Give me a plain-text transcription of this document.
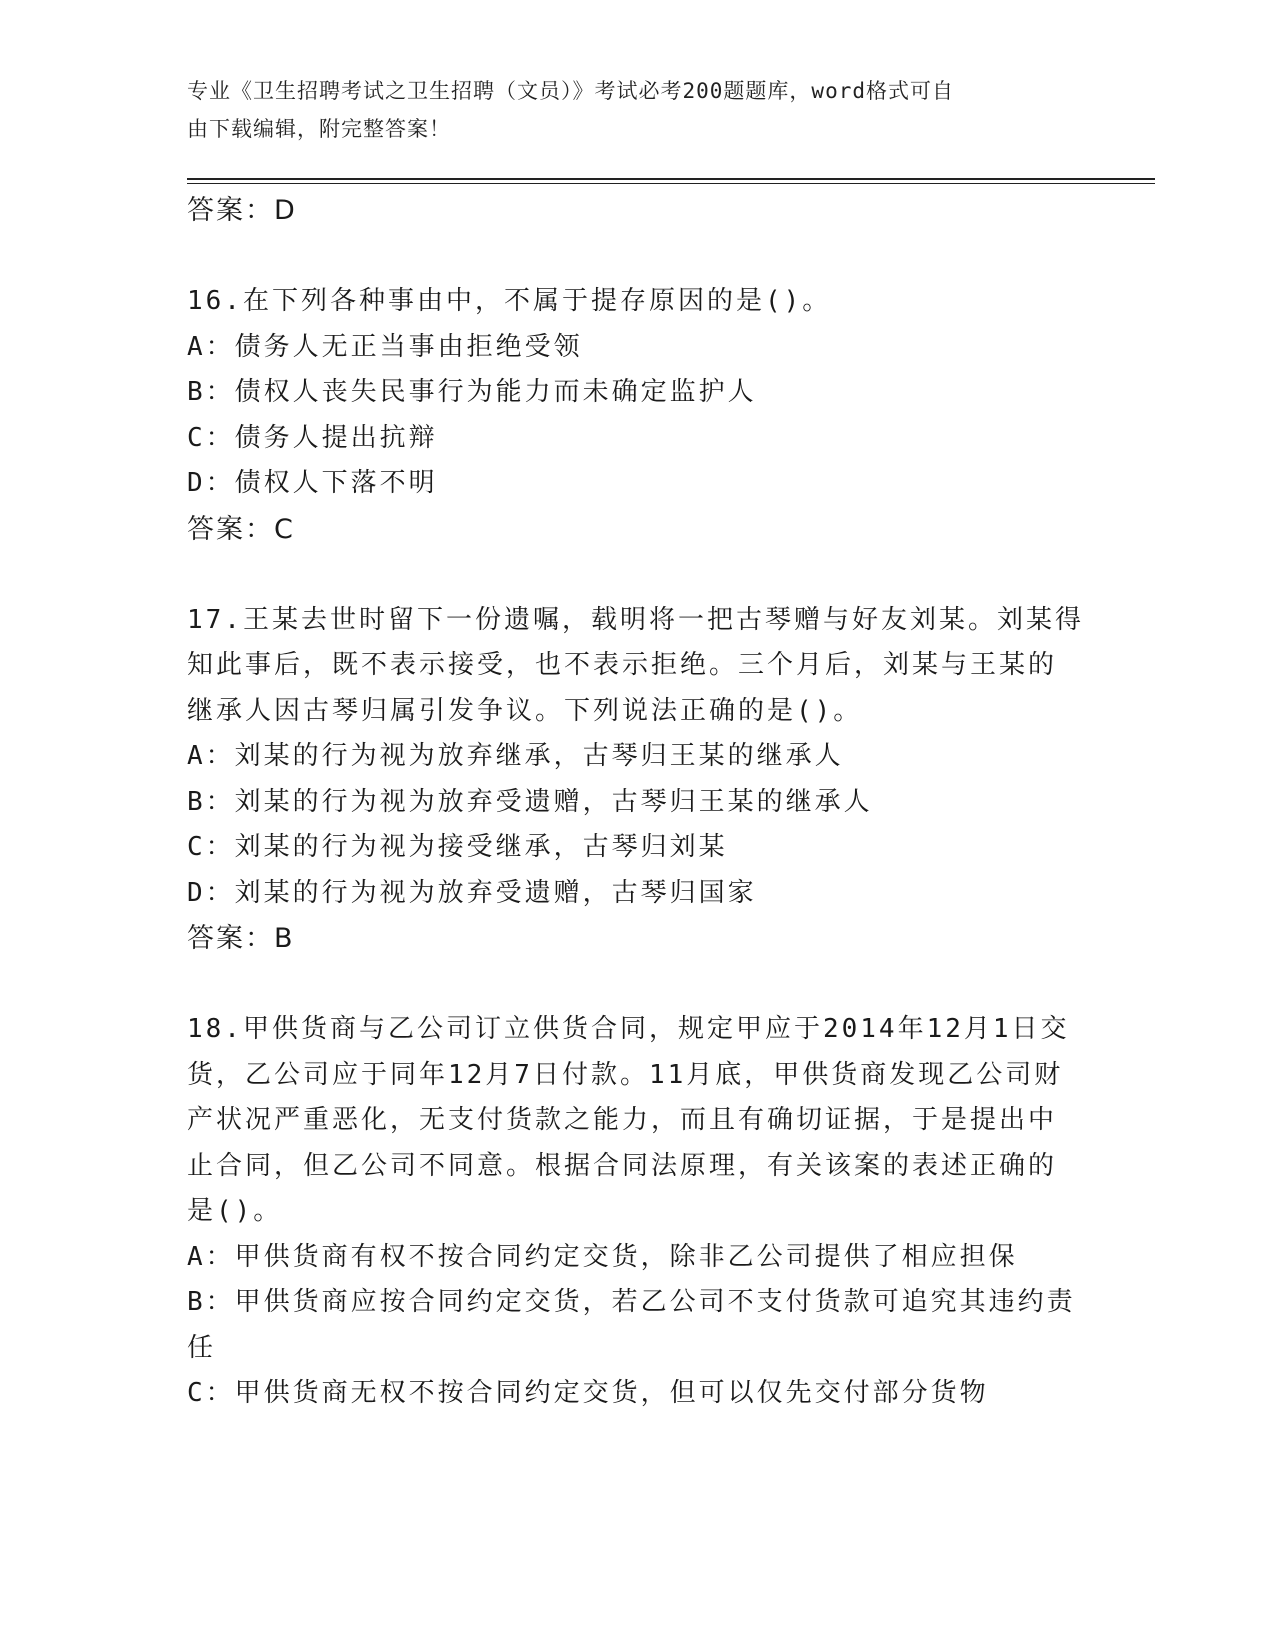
专业《卫生招聘考试之卫生招聘（文员）》考试必考200题题库，word格式可自
由下载编辑，附完整答案！
答案：D
16.在下列各种事由中，不属于提存原因的是()。
A：债务人无正当事由拒绝受领
B：债权人丧失民事行为能力而未确定监护人
C：债务人提出抗辩
D：债权人下落不明
答案：C
17.王某去世时留下一份遗嘱，载明将一把古琴赠与好友刘某。刘某得
知此事后，既不表示接受，也不表示拒绝。三个月后，刘某与王某的
继承人因古琴归属引发争议。下列说法正确的是()。
A：刘某的行为视为放弃继承，古琴归王某的继承人
B：刘某的行为视为放弃受遗赠，古琴归王某的继承人
C：刘某的行为视为接受继承，古琴归刘某
D：刘某的行为视为放弃受遗赠，古琴归国家
答案：B
18.甲供货商与乙公司订立供货合同，规定甲应于2014年12月1日交
货，乙公司应于同年12月7日付款。11月底，甲供货商发现乙公司财
产状况严重恶化，无支付货款之能力，而且有确切证据，于是提出中
止合同，但乙公司不同意。根据合同法原理，有关该案的表述正确的
是()。
A：甲供货商有权不按合同约定交货，除非乙公司提供了相应担保
B：甲供货商应按合同约定交货，若乙公司不支付货款可追究其违约责
任
C：甲供货商无权不按合同约定交货，但可以仅先交付部分货物
